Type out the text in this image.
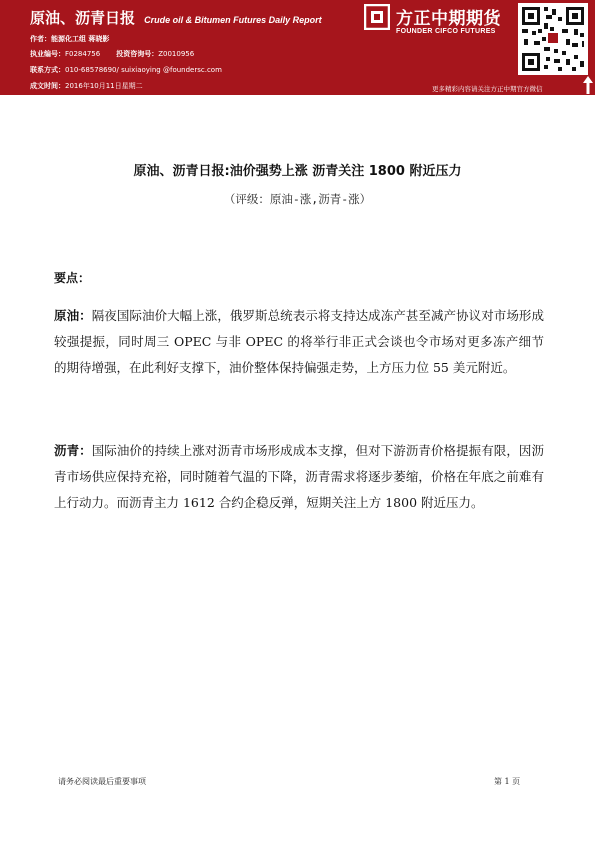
原油、沥青日报 Crude oil & Bitumen Futures Daily Report
作者：能源化工组 蒋晓影
执业编号：F0284756 投资咨询号：Z0010956
联系方式：010-68578690/ suixiaoying @foundersc.com
成文时间：2016年10月11日星期二
方正中期期货
FOUNDER CIFCO FUTURES
更多精彩内容请关注方正中期官方微信
原油、沥青日报:油价强势上涨 沥青关注 1800 附近压力
（评级：原油-涨,沥青-涨）
要点：
原油：隔夜国际油价大幅上涨，俄罗斯总统表示将支持达成冻产甚至减产协议对市场形成较强提振，同时周三 OPEC 与非 OPEC 的将举行非正式会谈也令市场对更多冻产细节的期待增强，在此利好支撑下，油价整体保持偏强走势，上方压力位 55 美元附近。
沥青：国际油价的持续上涨对沥青市场形成成本支撑，但对下游沥青价格提振有限，因沥青市场供应保持充裕，同时随着气温的下降，沥青需求将逐步萎缩，价格在年底之前难有上行动力。而沥青主力 1612 合约企稳反弹，短期关注上方 1800 附近压力。
请务必阅读最后重要事项	第 1 页
